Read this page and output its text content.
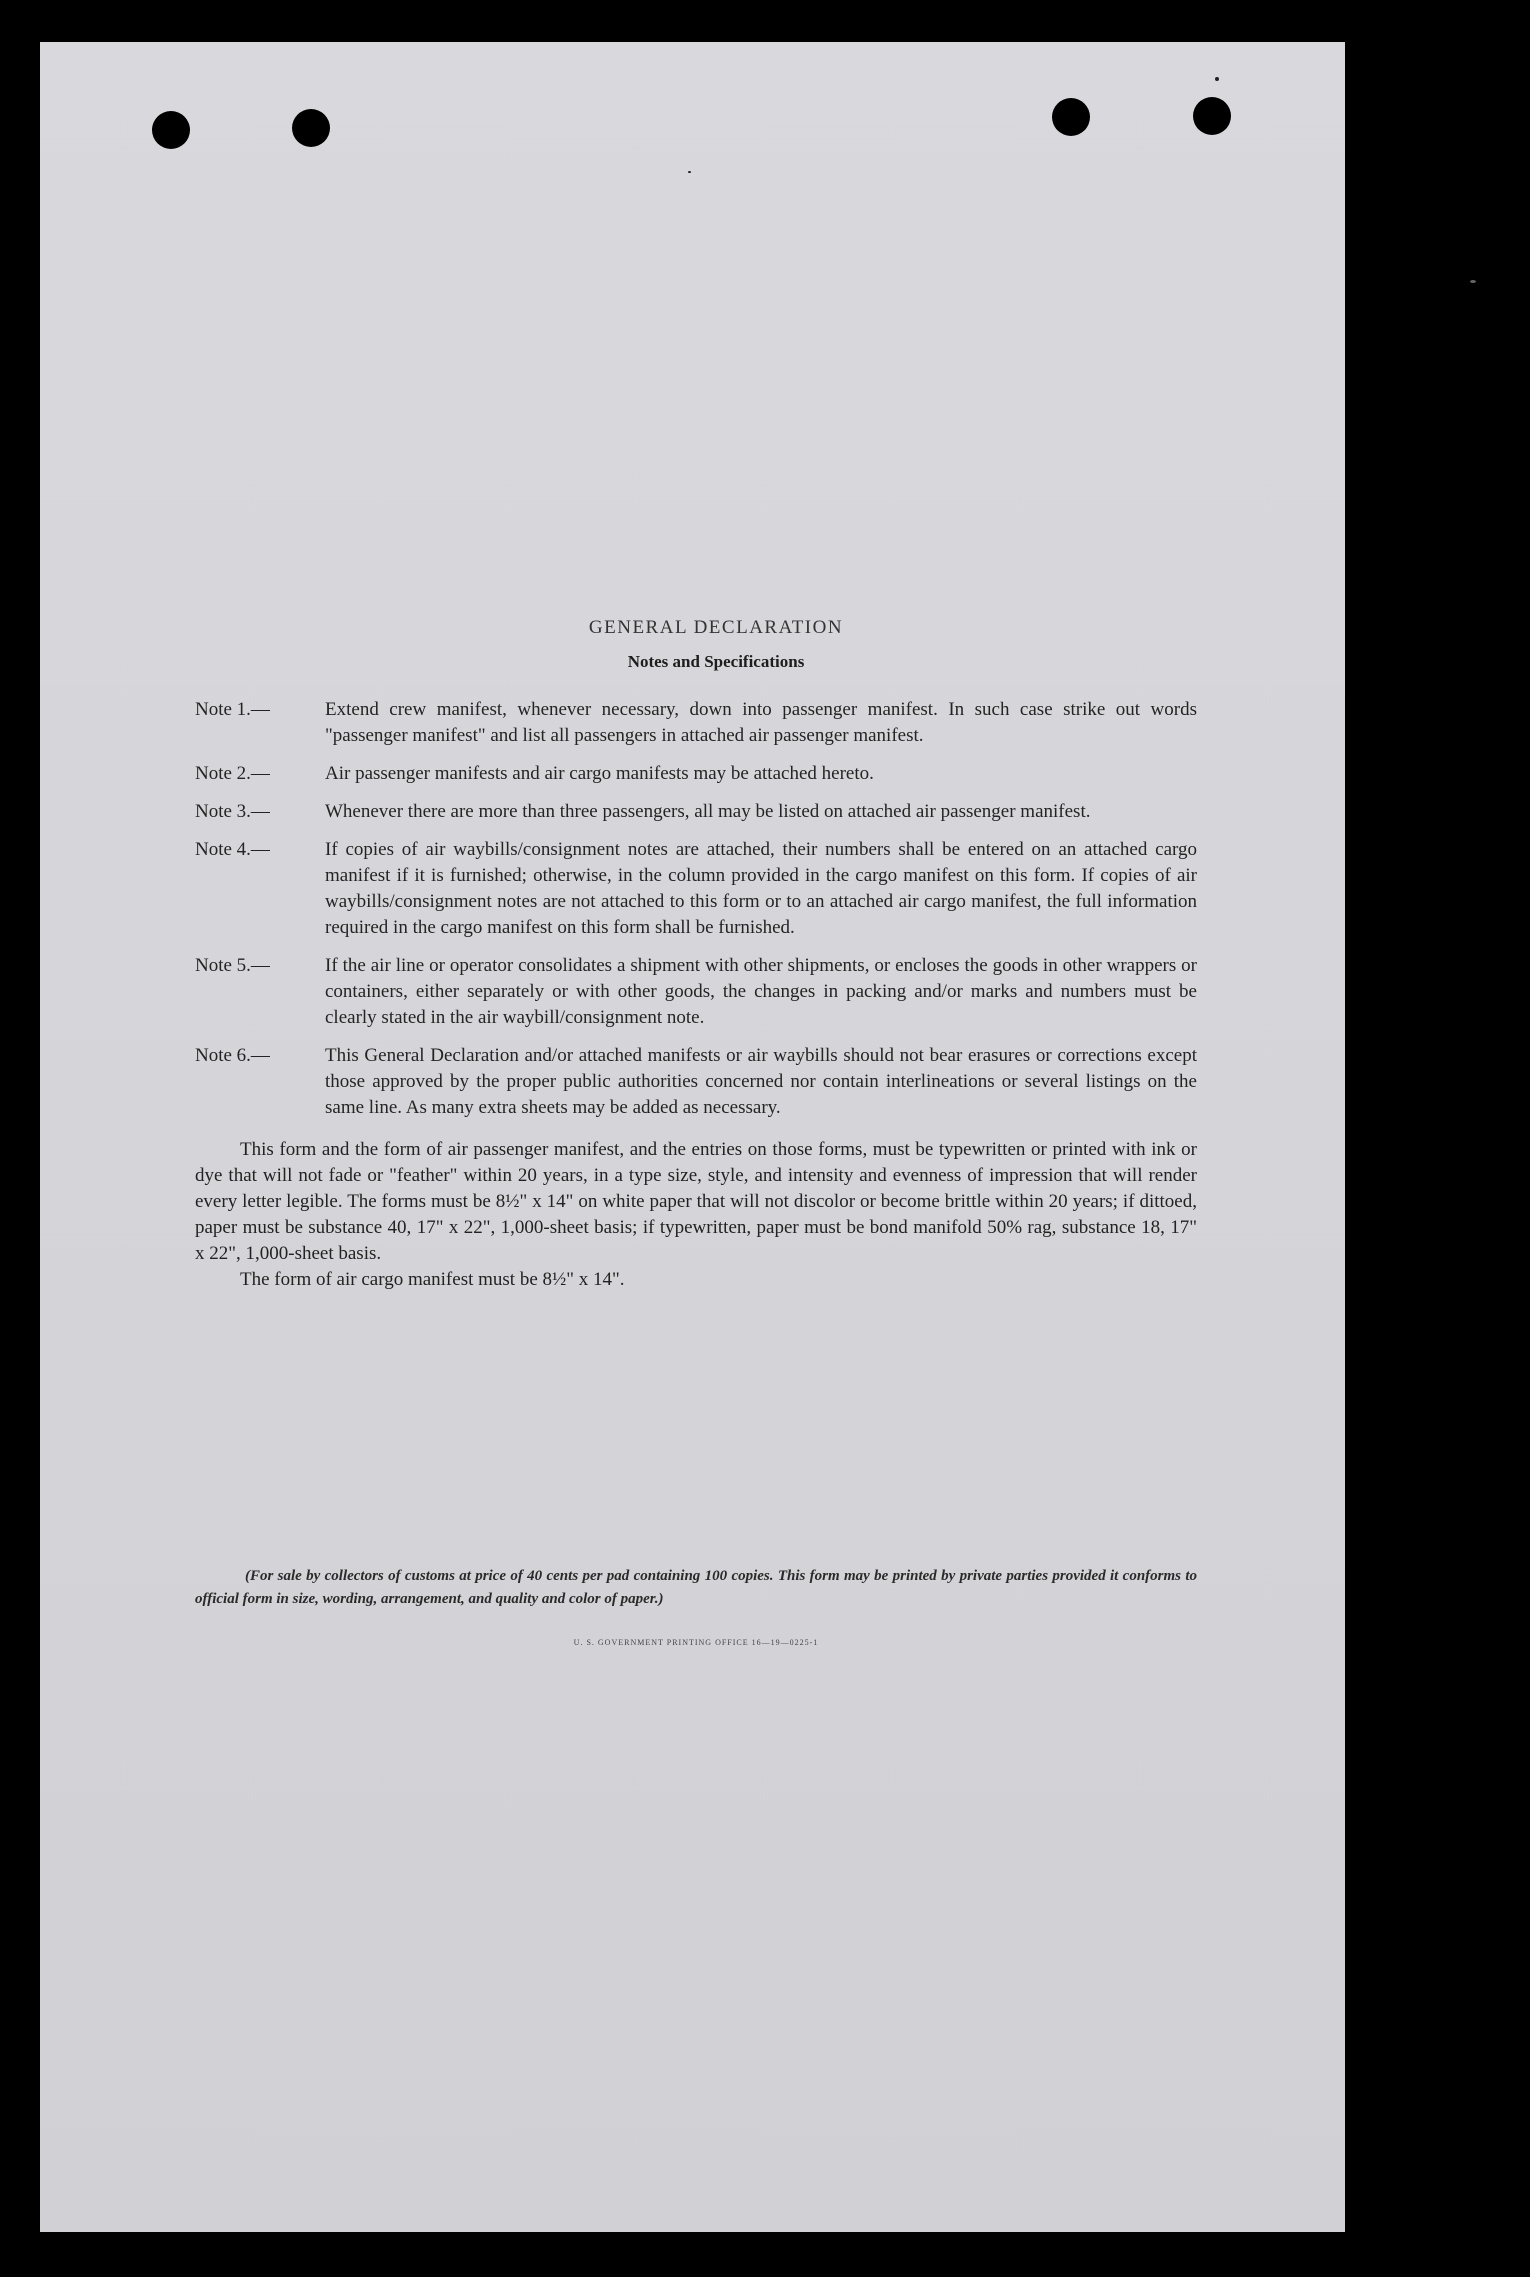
GENERAL DECLARATION
Notes and Specifications
Note 1.—	Extend crew manifest, whenever necessary, down into passenger manifest. In such case strike out words "passenger manifest" and list all passengers in attached air passenger manifest.
Note 2.—	Air passenger manifests and air cargo manifests may be attached hereto.
Note 3.—	Whenever there are more than three passengers, all may be listed on attached air passenger manifest.
Note 4.—	If copies of air waybills/consignment notes are attached, their numbers shall be entered on an attached cargo manifest if it is furnished; otherwise, in the column provided in the cargo manifest on this form. If copies of air waybills/consignment notes are not attached to this form or to an attached air cargo manifest, the full information required in the cargo manifest on this form shall be furnished.
Note 5.—	If the air line or operator consolidates a shipment with other shipments, or encloses the goods in other wrappers or containers, either separately or with other goods, the changes in packing and/or marks and numbers must be clearly stated in the air waybill/consignment note.
Note 6.—	This General Declaration and/or attached manifests or air waybills should not bear erasures or corrections except those approved by the proper public authorities concerned nor contain interlineations or several listings on the same line. As many extra sheets may be added as necessary.

This form and the form of air passenger manifest, and the entries on those forms, must be typewritten or printed with ink or dye that will not fade or "feather" within 20 years, in a type size, style, and intensity and evenness of impression that will render every letter legible. The forms must be 8½" x 14" on white paper that will not discolor or become brittle within 20 years; if dittoed, paper must be substance 40, 17" x 22", 1,000-sheet basis; if typewritten, paper must be bond manifold 50% rag, substance 18, 17" x 22", 1,000-sheet basis.

The form of air cargo manifest must be 8½" x 14".

(For sale by collectors of customs at price of 40 cents per pad containing 100 copies. This form may be printed by private parties provided it conforms to official form in size, wording, arrangement, and quality and color of paper.)
U. S. GOVERNMENT PRINTING OFFICE 16—19—0225-1
